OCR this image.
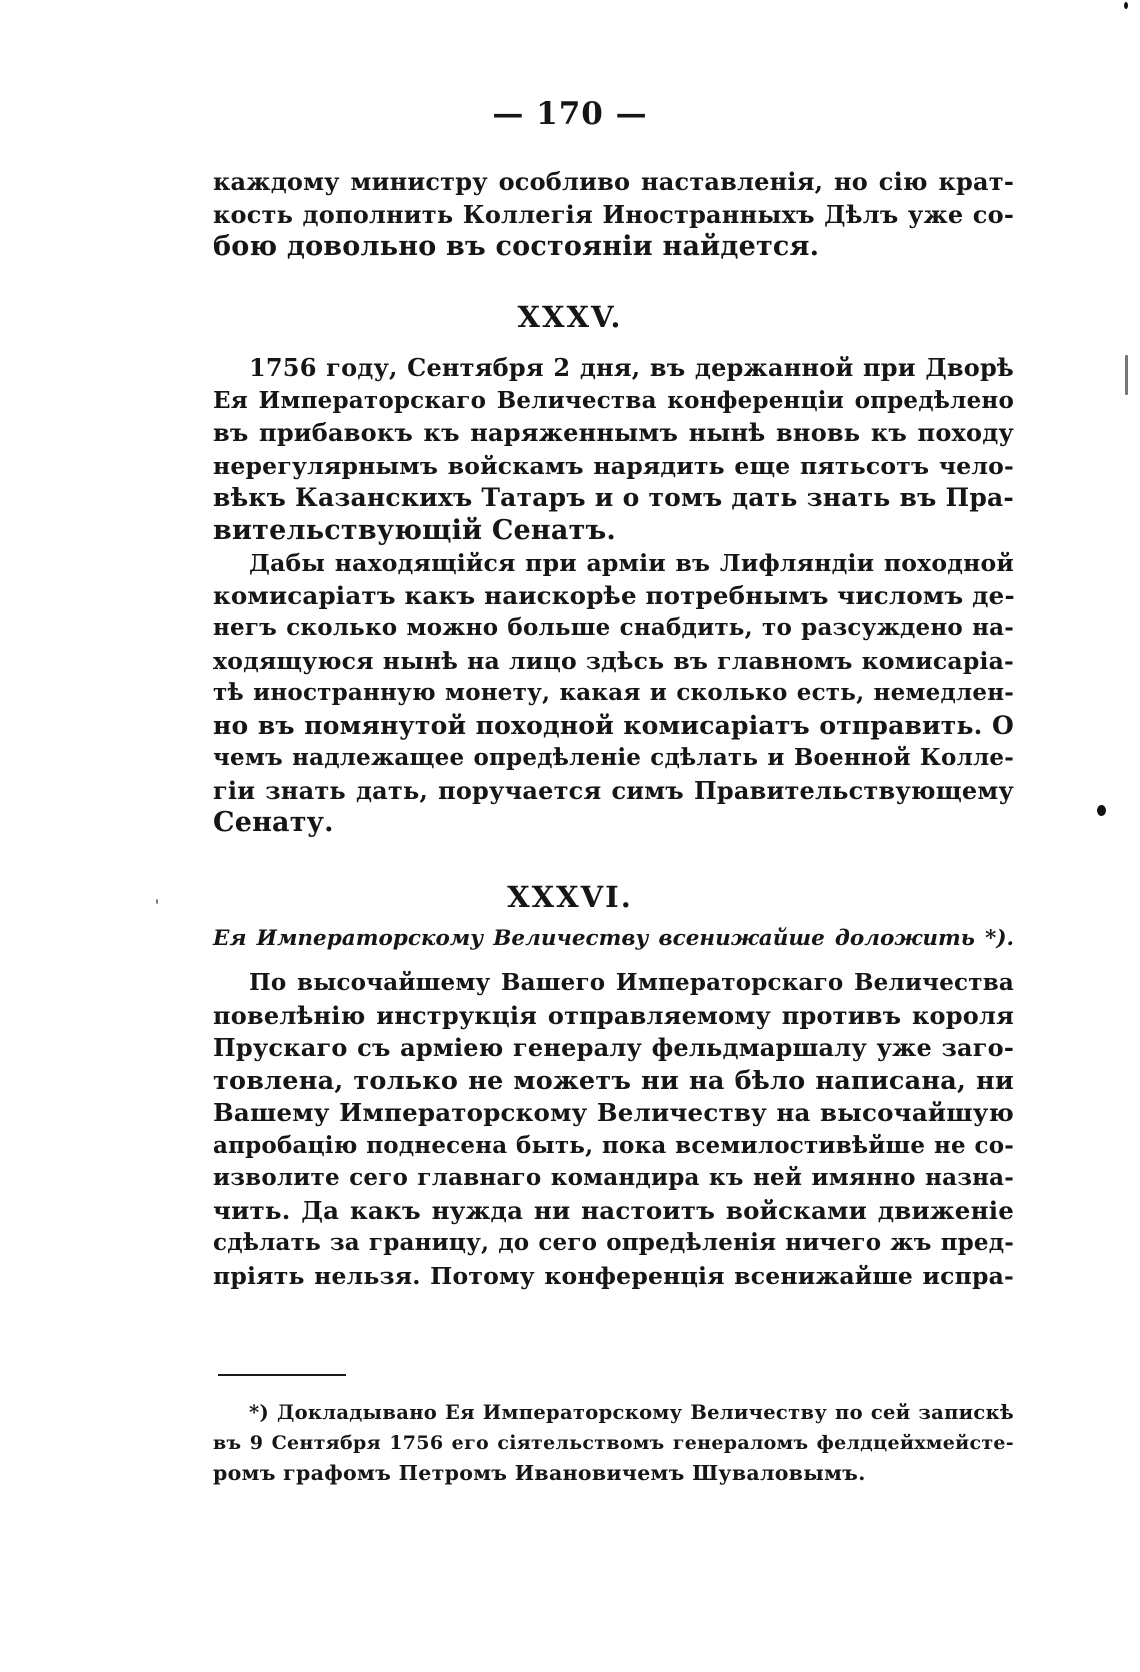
— 170 —
каждому министру особливо наставленія, но сію крат-
кость дополнить Коллегія Иностранныхъ Дѣлъ уже со-
бою довольно въ состояніи найдется.
XXXV.
1756 году, Сентября 2 дня, въ держанной при Дворѣ
Ея Императорскаго Величества конференціи опредѣлено
въ прибавокъ къ наряженнымъ нынѣ вновь къ походу
нерегулярнымъ войскамъ нарядить еще пятьсотъ чело-
вѣкъ Казанскихъ Татаръ и о томъ дать знать въ Пра-
вительствующій Сенатъ.
Дабы находящійся при арміи въ Лифляндіи походной
комисаріатъ какъ наискорѣе потребнымъ числомъ де-
негъ сколько можно больше снабдить, то разсуждено на-
ходящуюся нынѣ на лицо здѣсь въ главномъ комисаріа-
тѣ иностранную монету, какая и сколько есть, немедлен-
но въ помянутой походной комисаріатъ отправить. О
чемъ надлежащее опредѣленіе сдѣлать и Военной Колле-
гіи знать дать, поручается симъ Правительствующему
Сенату.
XXXVI.
Ея Императорскому Величеству всенижайше доложить *).
По высочайшему Вашего Императорскаго Величества
повелѣнію инструкція отправляемому противъ короля
Прускаго съ арміею генералу фельдмаршалу уже заго-
товлена, только не можетъ ни на бѣло написана, ни
Вашему Императорскому Величеству на высочайшую
апробацію поднесена быть, пока всемилостивѣйше не со-
изволите сего главнаго командира къ ней имянно назна-
чить. Да какъ нужда ни настоитъ войсками движеніе
сдѣлать за границу, до сего опредѣленія ничего жъ пред-
пріять нельзя. Потому конференція всенижайше испра-
*) Докладывано Ея Императорскому Величеству по сей запискѣ
въ 9 Сентября 1756 его сіятельствомъ генераломъ фелдцейхмейсте-
ромъ графомъ Петромъ Ивановичемъ Шуваловымъ.
